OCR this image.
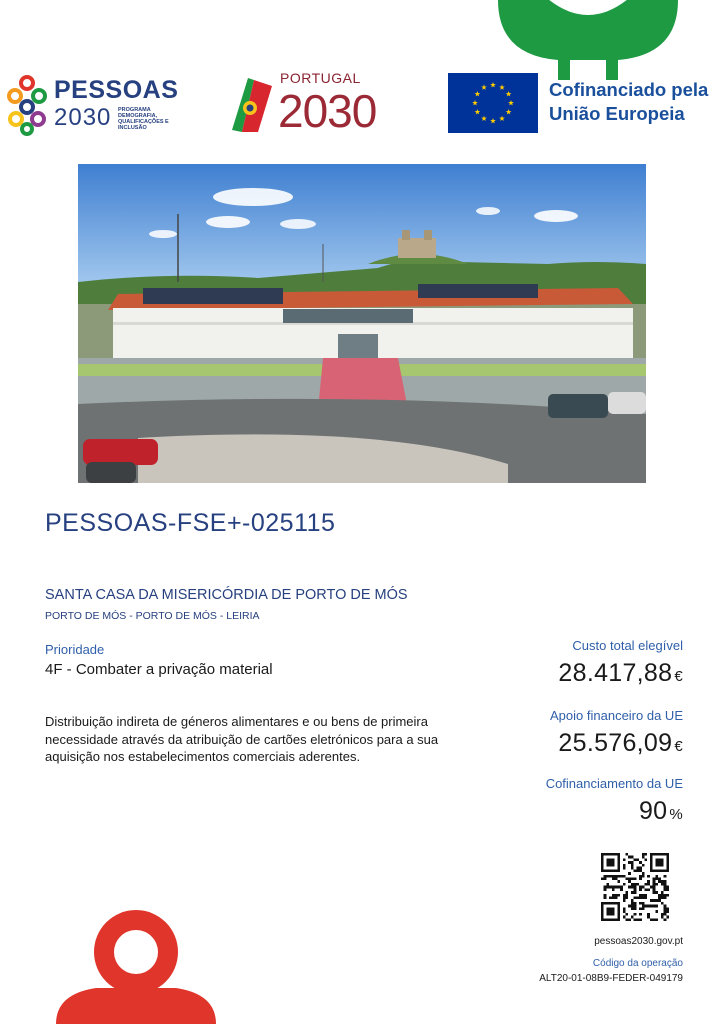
PESSOAS
2030 PROGRAMA DEMOGRAFIA, QUALIFICAÇÕES E INCLUSÃO
PORTUGAL
2030	Cofinanciado pela
União Europeia
PESSOAS-FSE+-025115
SANTA CASA DA MISERICÓRDIA DE PORTO DE MÓS
PORTO DE MÓS - PORTO DE MÓS - LEIRIA
Prioridade
4F - Combater a privação material
Distribuição indireta de géneros alimentares e ou bens de primeira necessidade através da atribuição de cartões eletrónicos para a sua aquisição nos estabelecimentos comerciais aderentes.
Custo total elegível
28.417,88 €
Apoio financeiro da UE
25.576,09 €
Cofinanciamento da UE
90 %
pessoas2030.gov.pt
Código da operação
ALT20-01-08B9-FEDER-049179
